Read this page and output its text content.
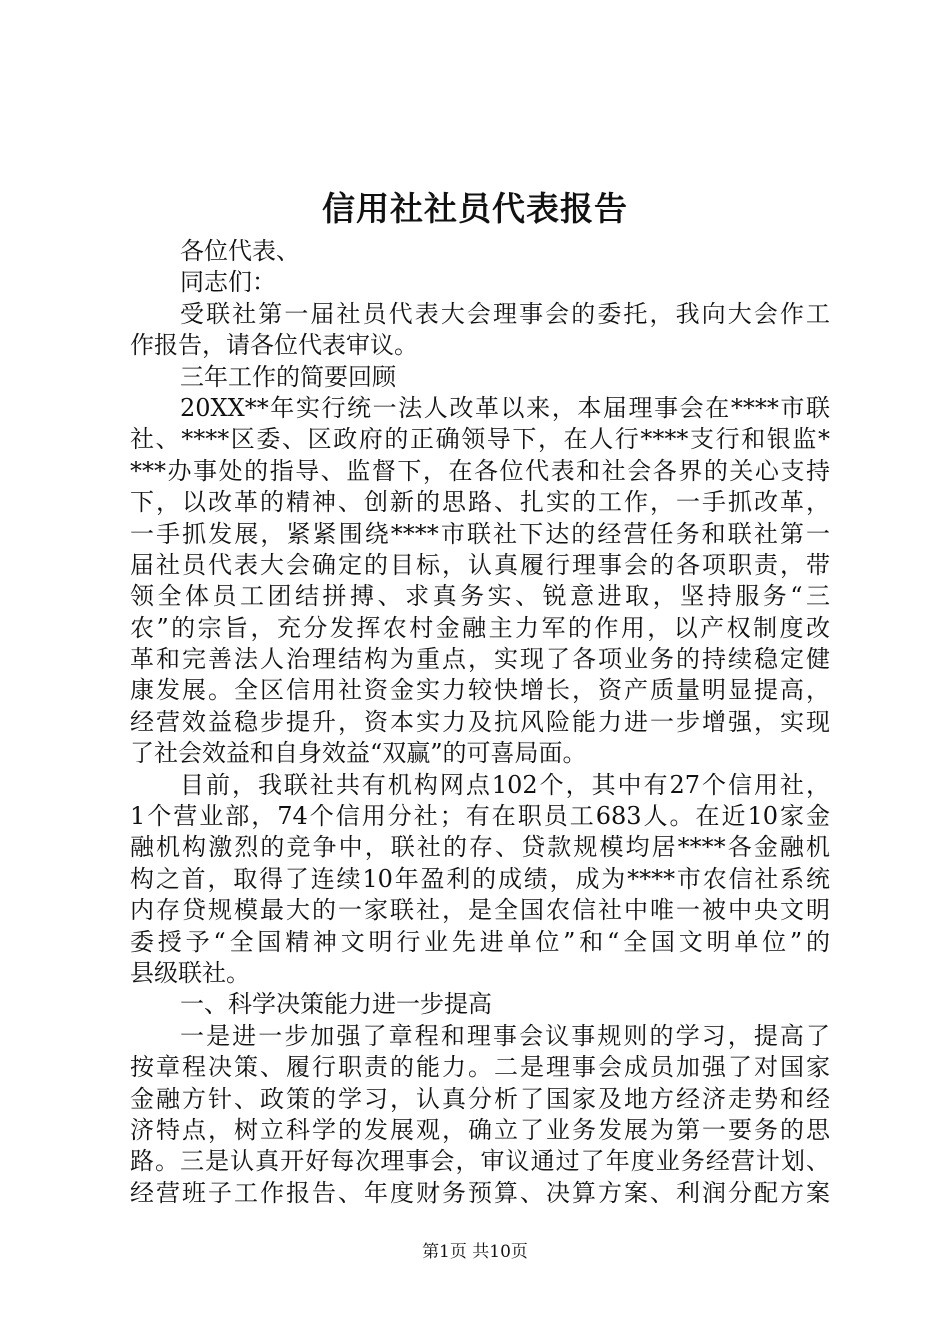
信用社社员代表报告
各位代表、
同志们：
受联社第一届社员代表大会理事会的委托，我向大会作工
作报告，请各位代表审议。
三年工作的简要回顾
20XX**年实行统一法人改革以来，本届理事会在****市联
社、****区委、区政府的正确领导下，在人行****支行和银监*
***办事处的指导、监督下，在各位代表和社会各界的关心支持
下，以改革的精神、创新的思路、扎实的工作，一手抓改革，
一手抓发展，紧紧围绕****市联社下达的经营任务和联社第一
届社员代表大会确定的目标，认真履行理事会的各项职责，带
领全体员工团结拼搏、求真务实、锐意进取，坚持服务“三
农”的宗旨，充分发挥农村金融主力军的作用，以产权制度改
革和完善法人治理结构为重点，实现了各项业务的持续稳定健
康发展。全区信用社资金实力较快增长，资产质量明显提高，
经营效益稳步提升，资本实力及抗风险能力进一步增强，实现
了社会效益和自身效益“双赢”的可喜局面。
目前，我联社共有机构网点102个，其中有27个信用社，
1个营业部，74个信用分社；有在职员工683人。在近10家金
融机构激烈的竞争中，联社的存、贷款规模均居****各金融机
构之首，取得了连续10年盈利的成绩，成为****市农信社系统
内存贷规模最大的一家联社，是全国农信社中唯一被中央文明
委授予“全国精神文明行业先进单位”和“全国文明单位”的
县级联社。
一、科学决策能力进一步提高
一是进一步加强了章程和理事会议事规则的学习，提高了
按章程决策、履行职责的能力。二是理事会成员加强了对国家
金融方针、政策的学习，认真分析了国家及地方经济走势和经
济特点，树立科学的发展观，确立了业务发展为第一要务的思
路。三是认真开好每次理事会，审议通过了年度业务经营计划、
经营班子工作报告、年度财务预算、决算方案、利润分配方案
第1页 共10页
